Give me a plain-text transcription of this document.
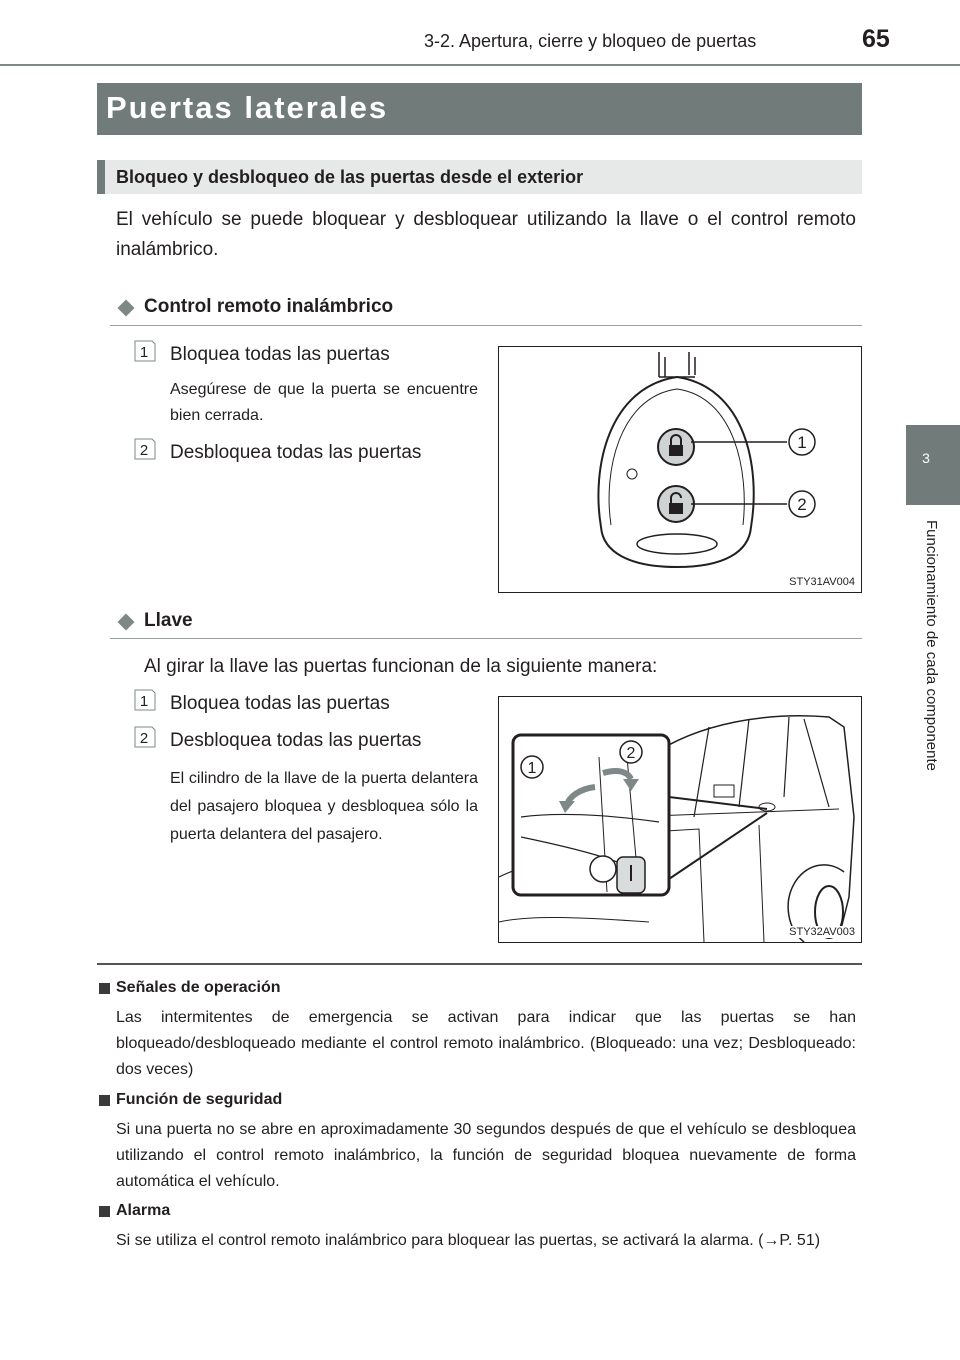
3-2. Apertura, cierre y bloqueo de puertas	65
3
Funcionamiento de cada componente
Puertas laterales
Bloqueo y desbloqueo de las puertas desde el exterior
El vehículo se puede bloquear y desbloquear utilizando la llave o el control remoto inalámbrico.
Control remoto inalámbrico
1 Bloquea todas las puertas
Asegúrese de que la puerta se encuentre bien cerrada.
2 Desbloquea todas las puertas	1
2
STY31AV004
Llave
Al girar la llave las puertas funcionan de la siguiente manera:
1 Bloquea todas las puertas
2 Desbloquea todas las puertas
El cilindro de la llave de la puerta delantera del pasajero bloquea y desbloquea sólo la puerta delantera del pasajero.
1
2
STY32AV003
Señales de operación
Las intermitentes de emergencia se activan para indicar que las puertas se han bloqueado/desbloqueado mediante el control remoto inalámbrico. (Bloqueado: una vez; Desbloqueado: dos veces)
Función de seguridad
Si una puerta no se abre en aproximadamente 30 segundos después de que el vehículo se desbloquea utilizando el control remoto inalámbrico, la función de seguridad bloquea nuevamente de forma automática el vehículo.
Alarma
Si se utiliza el control remoto inalámbrico para bloquear las puertas, se activará la alarma. (→P. 51)
